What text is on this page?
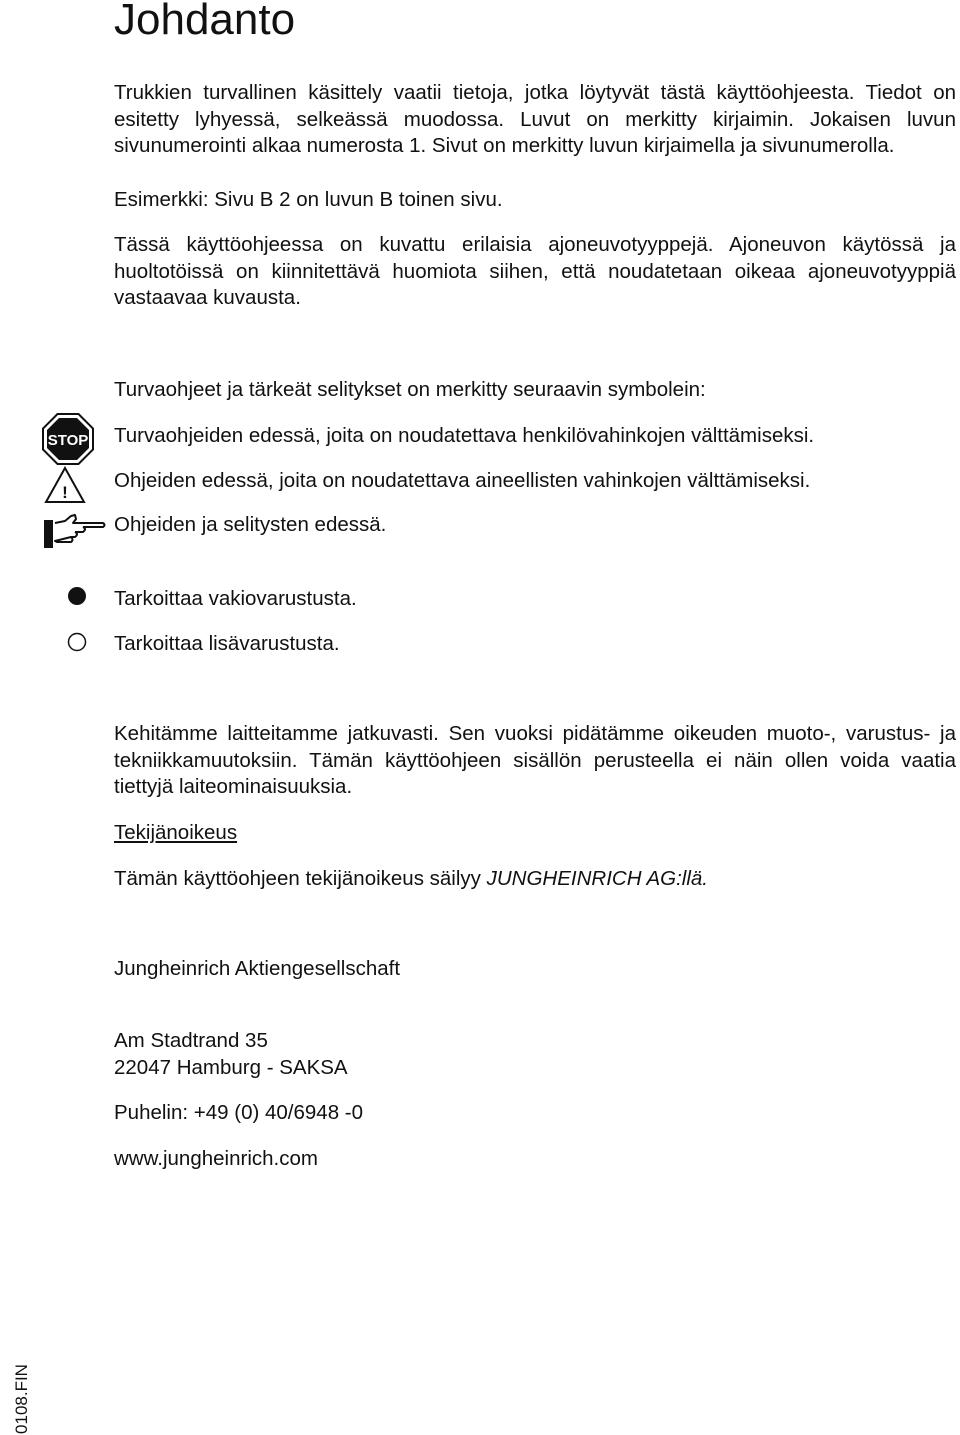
Johdanto

Trukkien turvallinen käsittely vaatii tietoja, jotka löytyvät tästä käyttöohjeesta. Tiedot on esitetty lyhyessä, selkeässä muodossa. Luvut on merkitty kirjaimin. Jokaisen luvun sivunumerointi alkaa numerosta 1. Sivut on merkitty luvun kirjaimella ja sivunumerolla.

Esimerkki: Sivu B 2 on luvun B toinen sivu.

Tässä käyttöohjeessa on kuvattu erilaisia ajoneuvotyyppejä. Ajoneuvon käytössä ja huoltotöissä on kiinnitettävä huomiota siihen, että noudatetaan oikeaa ajoneuvotyyppiä vastaavaa kuvausta.

Turvaohjeet ja tärkeät selitykset on merkitty seuraavin symbolein:

STOP Turvaohjeiden edessä, joita on noudatettava henkilövahinkojen välttämiseksi.

!

Ohjeiden edessä, joita on noudatettava aineellisten vahinkojen välttämiseksi.

Ohjeiden ja selitysten edessä.

Tarkoittaa vakiovarustusta.

Tarkoittaa lisävarustusta.

Kehitämme laitteitamme jatkuvasti. Sen vuoksi pidätämme oikeuden muoto-, varustus- ja tekniikkamuutoksiin. Tämän käyttöohjeen sisällön perusteella ei näin ollen voida vaatia tiettyjä laiteominaisuuksia.

Tekijänoikeus

Tämän käyttöohjeen tekijänoikeus säilyy JUNGHEINRICH AG:llä.

Jungheinrich Aktiengesellschaft

Am Stadtrand 35

22047 Hamburg - SAKSA

Puhelin: +49 (0) 40/6948 -0

www.jungheinrich.com

0108.FIN
